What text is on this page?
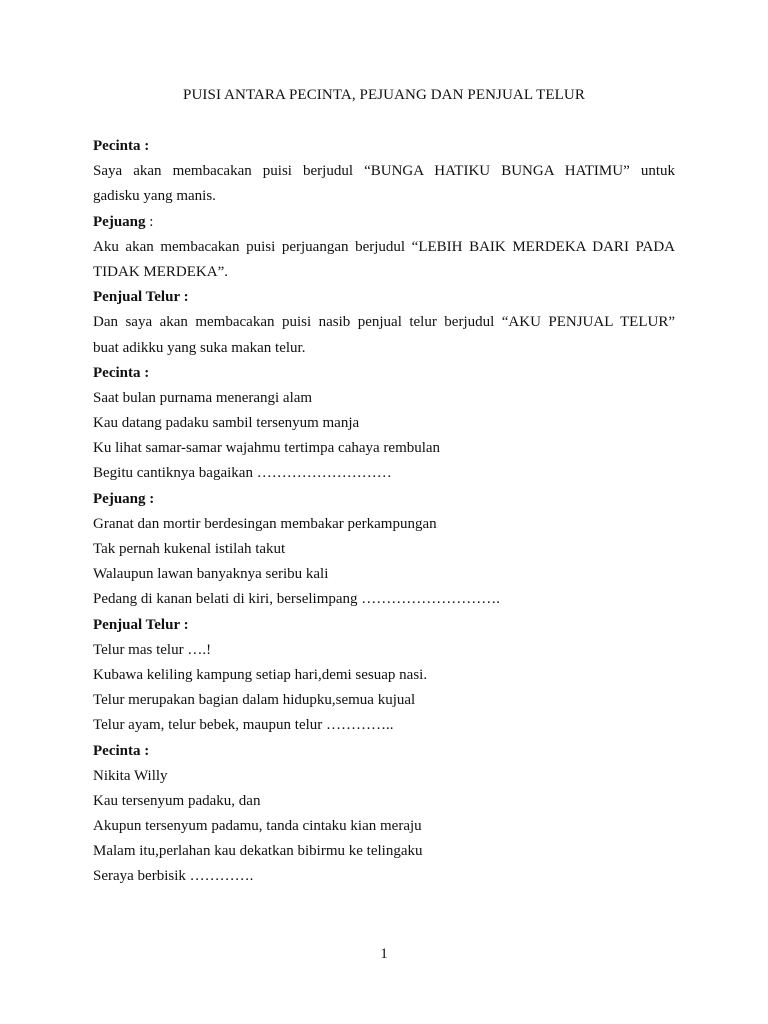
PUISI ANTARA PECINTA, PEJUANG DAN PENJUAL TELUR
Pecinta :
Saya akan membacakan puisi berjudul “BUNGA HATIKU BUNGA HATIMU” untuk
gadisku yang manis.
Pejuang :
Aku akan membacakan puisi perjuangan berjudul “LEBIH BAIK MERDEKA DARI PADA
TIDAK MERDEKA”.
Penjual Telur :
Dan saya akan membacakan puisi nasib penjual telur berjudul “AKU PENJUAL TELUR”
buat adikku yang suka makan telur.
Pecinta :
Saat bulan purnama menerangi alam
Kau datang padaku sambil tersenyum manja
Ku lihat samar-samar wajahmu tertimpa cahaya rembulan
Begitu cantiknya bagaikan ………………………
Pejuang :
Granat dan mortir berdesingan membakar perkampungan
Tak pernah kukenal istilah takut
Walaupun lawan banyaknya seribu kali
Pedang di kanan belati di kiri, berselimpang ……………………….
Penjual Telur :
Telur mas telur ….!
Kubawa keliling kampung setiap hari,demi sesuap nasi.
Telur merupakan bagian dalam hidupku,semua kujual
Telur ayam, telur bebek, maupun telur …………..
Pecinta :
Nikita Willy
Kau tersenyum padaku, dan
Akupun tersenyum padamu, tanda cintaku kian meraju
Malam itu,perlahan kau dekatkan bibirmu ke telingaku
Seraya berbisik ………….
1
